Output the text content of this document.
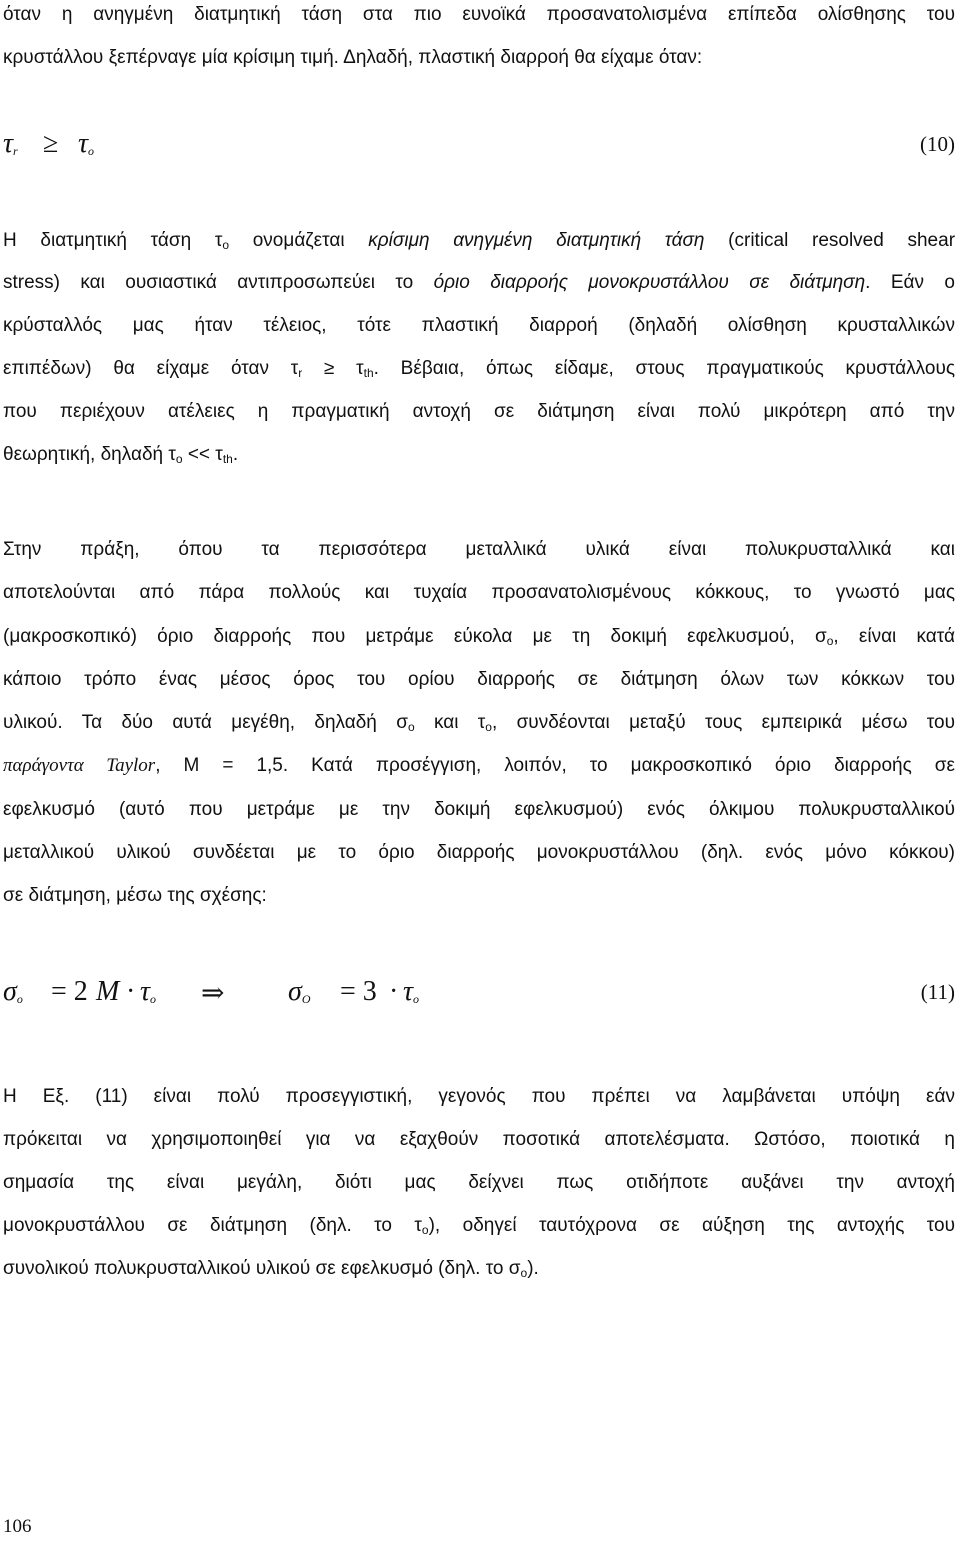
όταν η ανηγμένη διατμητική τάση στα πιο ευνοϊκά προσανατολισμένα επίπεδα ολίσθησης του
κρυστάλλου ξεπέρναγε μία κρίσιμη τιμή. Δηλαδή, πλαστική διαρροή θα είχαμε όταν:
$\tau_r \ge \tau_o$	(10)
Η διατμητική τάση $\tau_o$ ονομάζεται κρίσιμη ανηγμένη διατμητική τάση (critical resolved shear
stress) και ουσιαστικά αντιπροσωπεύει το όριο διαρροής μονοκρυστάλλου σε διάτμηση. Εάν ο
κρύσταλλός μας ήταν τέλειος, τότε πλαστική διαρροή (δηλαδή ολίσθηση κρυσταλλικών
επιπέδων) θα είχαμε όταν $\tau_r \ge \tau_{th}$. Βέβαια, όπως είδαμε, στους πραγματικούς κρυστάλλους
που περιέχουν ατέλειες η πραγματική αντοχή σε διάτμηση είναι πολύ μικρότερη από την
θεωρητική, δηλαδή $\tau_o << \tau_{th}$.
Στην πράξη, όπου τα περισσότερα μεταλλικά υλικά είναι πολυκρυσταλλικά και
αποτελούνται από πάρα πολλούς και τυχαία προσανατολισμένους κόκκους, το γνωστό μας
(μακροσκοπικό) όριο διαρροής που μετράμε εύκολα με τη δοκιμή εφελκυσμού, $\sigma_o$, είναι κατά
κάποιο τρόπο ένας μέσος όρος του ορίου διαρροής σε διάτμηση όλων των κόκκων του
υλικού. Τα δύο αυτά μεγέθη, δηλαδή $\sigma_o$ και $\tau_o$, συνδέονται μεταξύ τους εμπειρικά μέσω του
παράγοντα Taylor, M = 1,5. Κατά προσέγγιση, λοιπόν, το μακροσκοπικό όριο διαρροής σε
εφελκυσμό (αυτό που μετράμε με την δοκιμή εφελκυσμού) ενός όλκιμου πολυκρυσταλλικού
μεταλλικού υλικού συνδέεται με το όριο διαρροής μονοκρυστάλλου (δηλ. ενός μόνο κόκκου)
σε διάτμηση, μέσω της σχέσης:
$\sigma_o = 2$ $M \cdot \tau_o$ ⇒ $\sigma_O = 3 \cdot \tau_o$	(11)
Η Εξ. (11) είναι πολύ προσεγγιστική, γεγονός που πρέπει να λαμβάνεται υπόψη εάν
πρόκειται να χρησιμοποιηθεί για να εξαχθούν ποσοτικά αποτελέσματα. Ωστόσο, ποιοτικά η
σημασία της είναι μεγάλη, διότι μας δείχνει πως οτιδήποτε αυξάνει την αντοχή
μονοκρυστάλλου σε διάτμηση (δηλ. το $\tau_o$), οδηγεί ταυτόχρονα σε αύξηση της αντοχής του
συνολικού πολυκρυσταλλικού υλικού σε εφελκυσμό (δηλ. το $\sigma_o$).
106
